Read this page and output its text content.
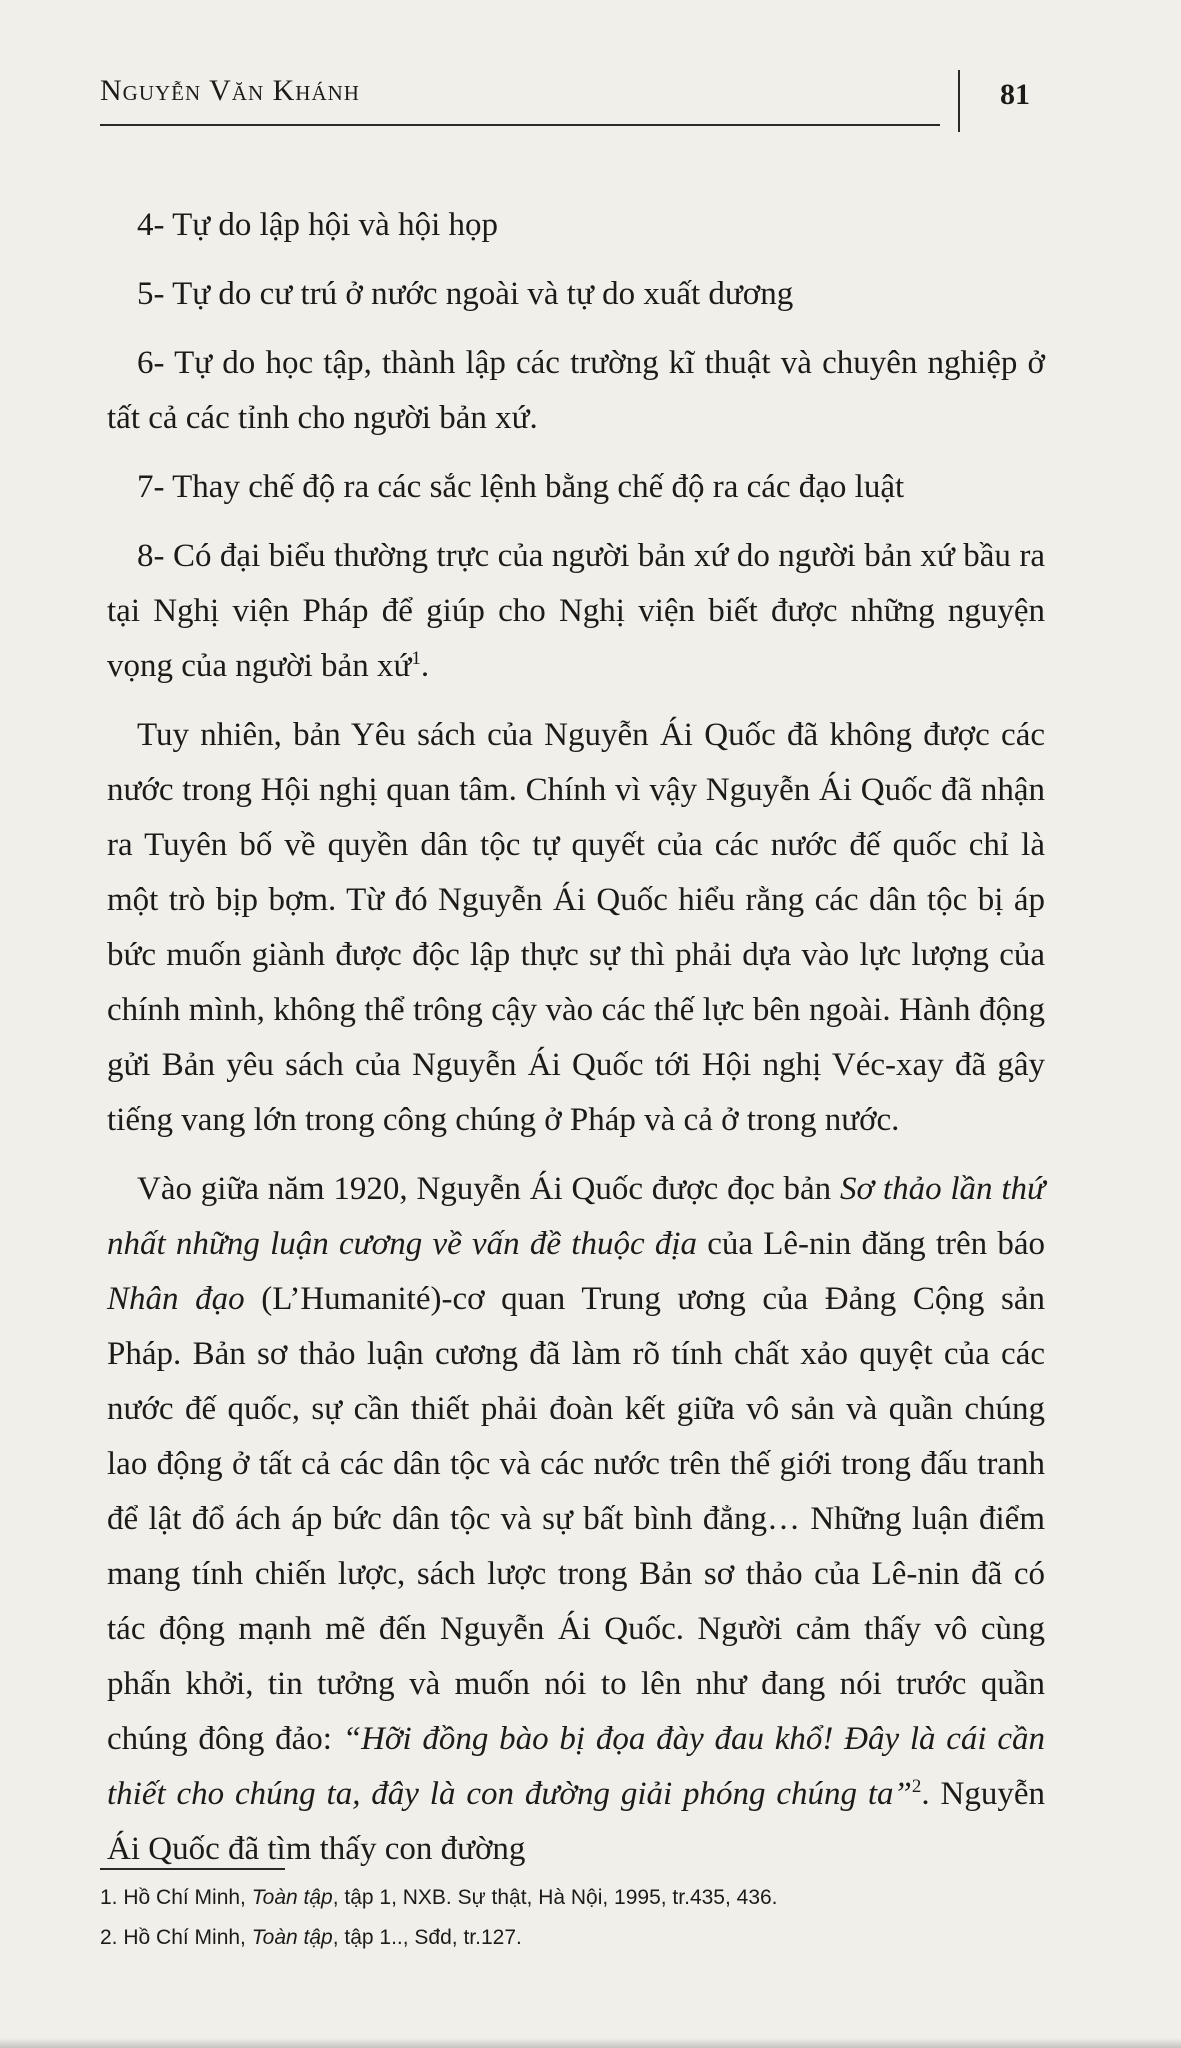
Nguyễn Văn Khánh	81

4- Tự do lập hội và hội họp

5- Tự do cư trú ở nước ngoài và tự do xuất dương

6- Tự do học tập, thành lập các trường kĩ thuật và chuyên nghiệp ở tất cả các tỉnh cho người bản xứ.

7- Thay chế độ ra các sắc lệnh bằng chế độ ra các đạo luật

8- Có đại biểu thường trực của người bản xứ do người bản xứ bầu ra tại Nghị viện Pháp để giúp cho Nghị viện biết được những nguyện vọng của người bản xứ$^1$.

Tuy nhiên, bản Yêu sách của Nguyễn Ái Quốc đã không được các nước trong Hội nghị quan tâm. Chính vì vậy Nguyễn Ái Quốc đã nhận ra Tuyên bố về quyền dân tộc tự quyết của các nước đế quốc chỉ là một trò bịp bợm. Từ đó Nguyễn Ái Quốc hiểu rằng các dân tộc bị áp bức muốn giành được độc lập thực sự thì phải dựa vào lực lượng của chính mình, không thể trông cậy vào các thế lực bên ngoài. Hành động gửi Bản yêu sách của Nguyễn Ái Quốc tới Hội nghị Véc-xay đã gây tiếng vang lớn trong công chúng ở Pháp và cả ở trong nước.

Vào giữa năm 1920, Nguyễn Ái Quốc được đọc bản Sơ thảo lần thứ nhất những luận cương về vấn đề thuộc địa của Lê-nin đăng trên báo Nhân đạo (L’Humanité)-cơ quan Trung ương của Đảng Cộng sản Pháp. Bản sơ thảo luận cương đã làm rõ tính chất xảo quyệt của các nước đế quốc, sự cần thiết phải đoàn kết giữa vô sản và quần chúng lao động ở tất cả các dân tộc và các nước trên thế giới trong đấu tranh để lật đổ ách áp bức dân tộc và sự bất bình đẳng… Những luận điểm mang tính chiến lược, sách lược trong Bản sơ thảo của Lê-nin đã có tác động mạnh mẽ đến Nguyễn Ái Quốc. Người cảm thấy vô cùng phấn khởi, tin tưởng và muốn nói to lên như đang nói trước quần chúng đông đảo: “Hỡi đồng bào bị đọa đày đau khổ! Đây là cái cần thiết cho chúng ta, đây là con đường giải phóng chúng ta”$^2$. Nguyễn Ái Quốc đã tìm thấy con đường

1. Hồ Chí Minh, Toàn tập, tập 1, NXB. Sự thật, Hà Nội, 1995, tr.435, 436.

2. Hồ Chí Minh, Toàn tập, tập 1.., Sđd, tr.127.
